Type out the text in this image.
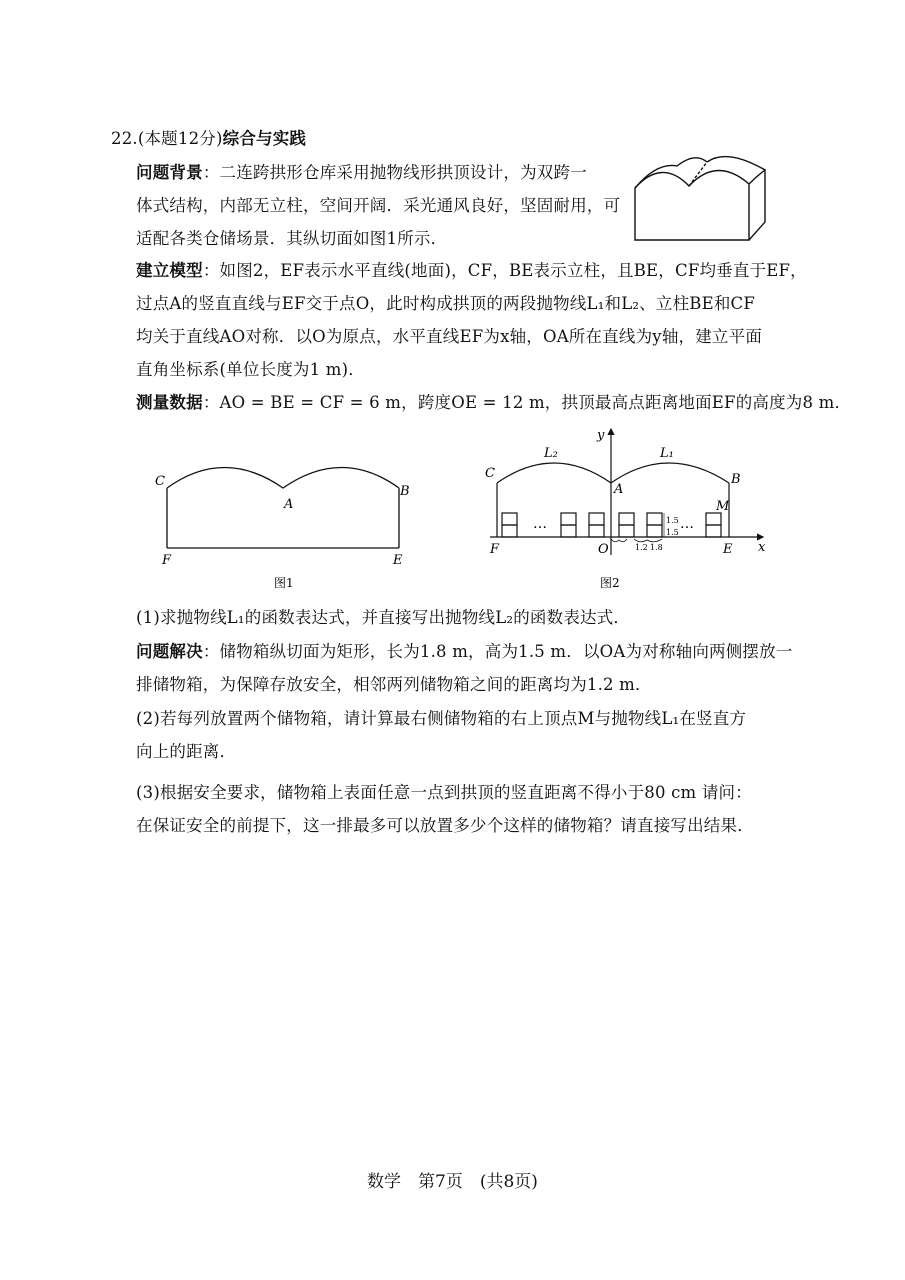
22.(本题12分)综合与实践
问题背景：二连跨拱形仓库采用抛物线形拱顶设计，为双跨一
体式结构，内部无立柱，空间开阔．采光通风良好，坚固耐用，可
适配各类仓储场景．其纵切面如图1所示．
建立模型：如图2，EF表示水平直线(地面)，CF，BE表示立柱，且BE，CF均垂直于EF，
过点A的竖直直线与EF交于点O，此时构成拱顶的两段抛物线L₁和L₂、立柱BE和CF
均关于直线AO对称．以O为原点，水平直线EF为x轴，OA所在直线为y轴，建立平面
直角坐标系(单位长度为1 m)．
测量数据：AO = BE = CF = 6 m，跨度OE = 12 m，拱顶最高点距离地面EF的高度为8 m．
C
A
B
F	E
图1
…	…
C
A
B
F	O	E
M
L₂	L₁
x
y
1.5
1.5
1.2 1.8
图2
(1)求抛物线L₁的函数表达式，并直接写出抛物线L₂的函数表达式．
问题解决：储物箱纵切面为矩形，长为1.8 m，高为1.5 m．以OA为对称轴向两侧摆放一
排储物箱，为保障存放安全，相邻两列储物箱之间的距离均为1.2 m．
(2)若每列放置两个储物箱，请计算最右侧储物箱的右上顶点M与抛物线L₁在竖直方
向上的距离．
(3)根据安全要求，储物箱上表面任意一点到拱顶的竖直距离不得小于80 cm 请问：
在保证安全的前提下，这一排最多可以放置多少个这样的储物箱？请直接写出结果．
数学　第7页　(共8页)
